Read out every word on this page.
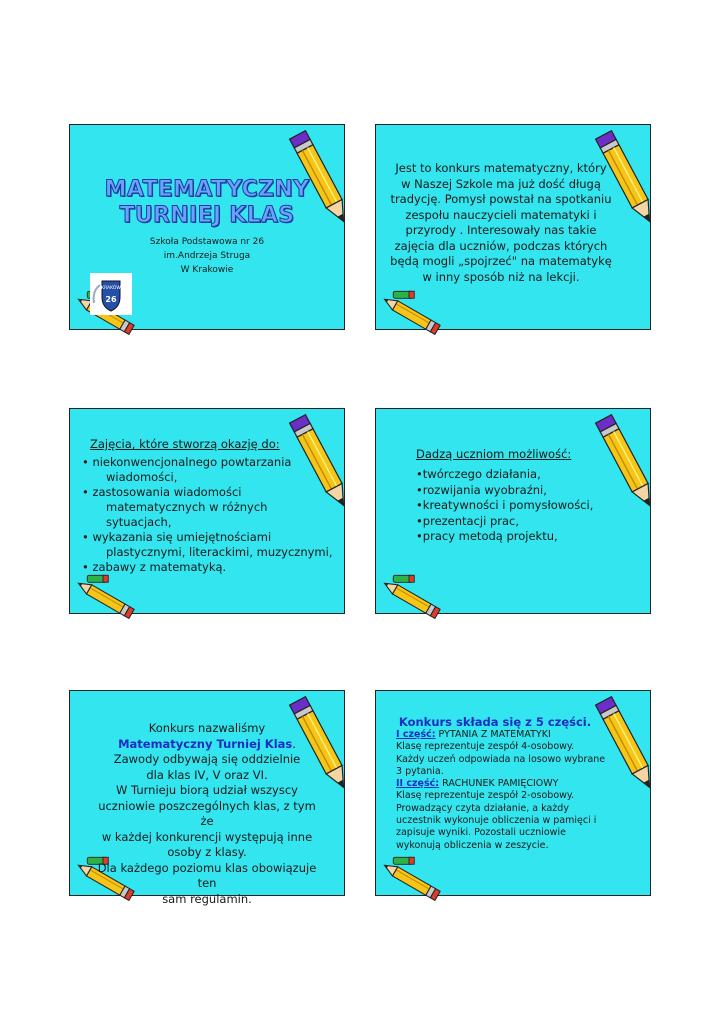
MATEMATYCZNY
TURNIEJ KLAS
Szkoła Podstawowa nr 26
im.Andrzeja Struga
W Krakowie
KRAKÓW
26
Jest to konkurs matematyczny, który
w Naszej Szkole ma już dość długą
tradycję. Pomysł powstał na spotkaniu
zespołu nauczycieli matematyki i
przyrody . Interesowały nas takie
zajęcia dla uczniów, podczas których
będą mogli „spojrzeć" na matematykę
w inny sposób niż na lekcji.
Zajęcia, które stworzą okazję do:
• niekonwencjonalnego powtarzania
wiadomości,
• zastosowania wiadomości
matematycznych w różnych sytuacjach,
• wykazania się umiejętnościami
plastycznymi, literackimi, muzycznymi,
• zabawy z matematyką.
Dadzą uczniom możliwość:
• twórczego działania,
• rozwijania wyobraźni,
• kreatywności i pomysłowości,
• prezentacji prac,
• pracy metodą projektu,
Konkurs nazwaliśmy
Matematyczny Turniej Klas.
Zawody odbywają się oddzielnie
dla klas IV, V oraz VI.
W Turnieju biorą udział wszyscy
uczniowie poszczególnych klas, z tym że
w każdej konkurencji występują inne
osoby z klasy.
Dla każdego poziomu klas obowiązuje ten
sam regulamin.
Konkurs składa się z 5 części.
I część: PYTANIA Z MATEMATYKI
Klasę reprezentuje zespół 4-osobowy.
Każdy uczeń odpowiada na losowo wybrane
3 pytania.
II część: RACHUNEK PAMIĘCIOWY
Klasę reprezentuje zespół 2-osobowy.
Prowadzący czyta działanie, a każdy
uczestnik wykonuje obliczenia w pamięci i
zapisuje wyniki. Pozostali uczniowie
wykonują obliczenia w zeszycie.
